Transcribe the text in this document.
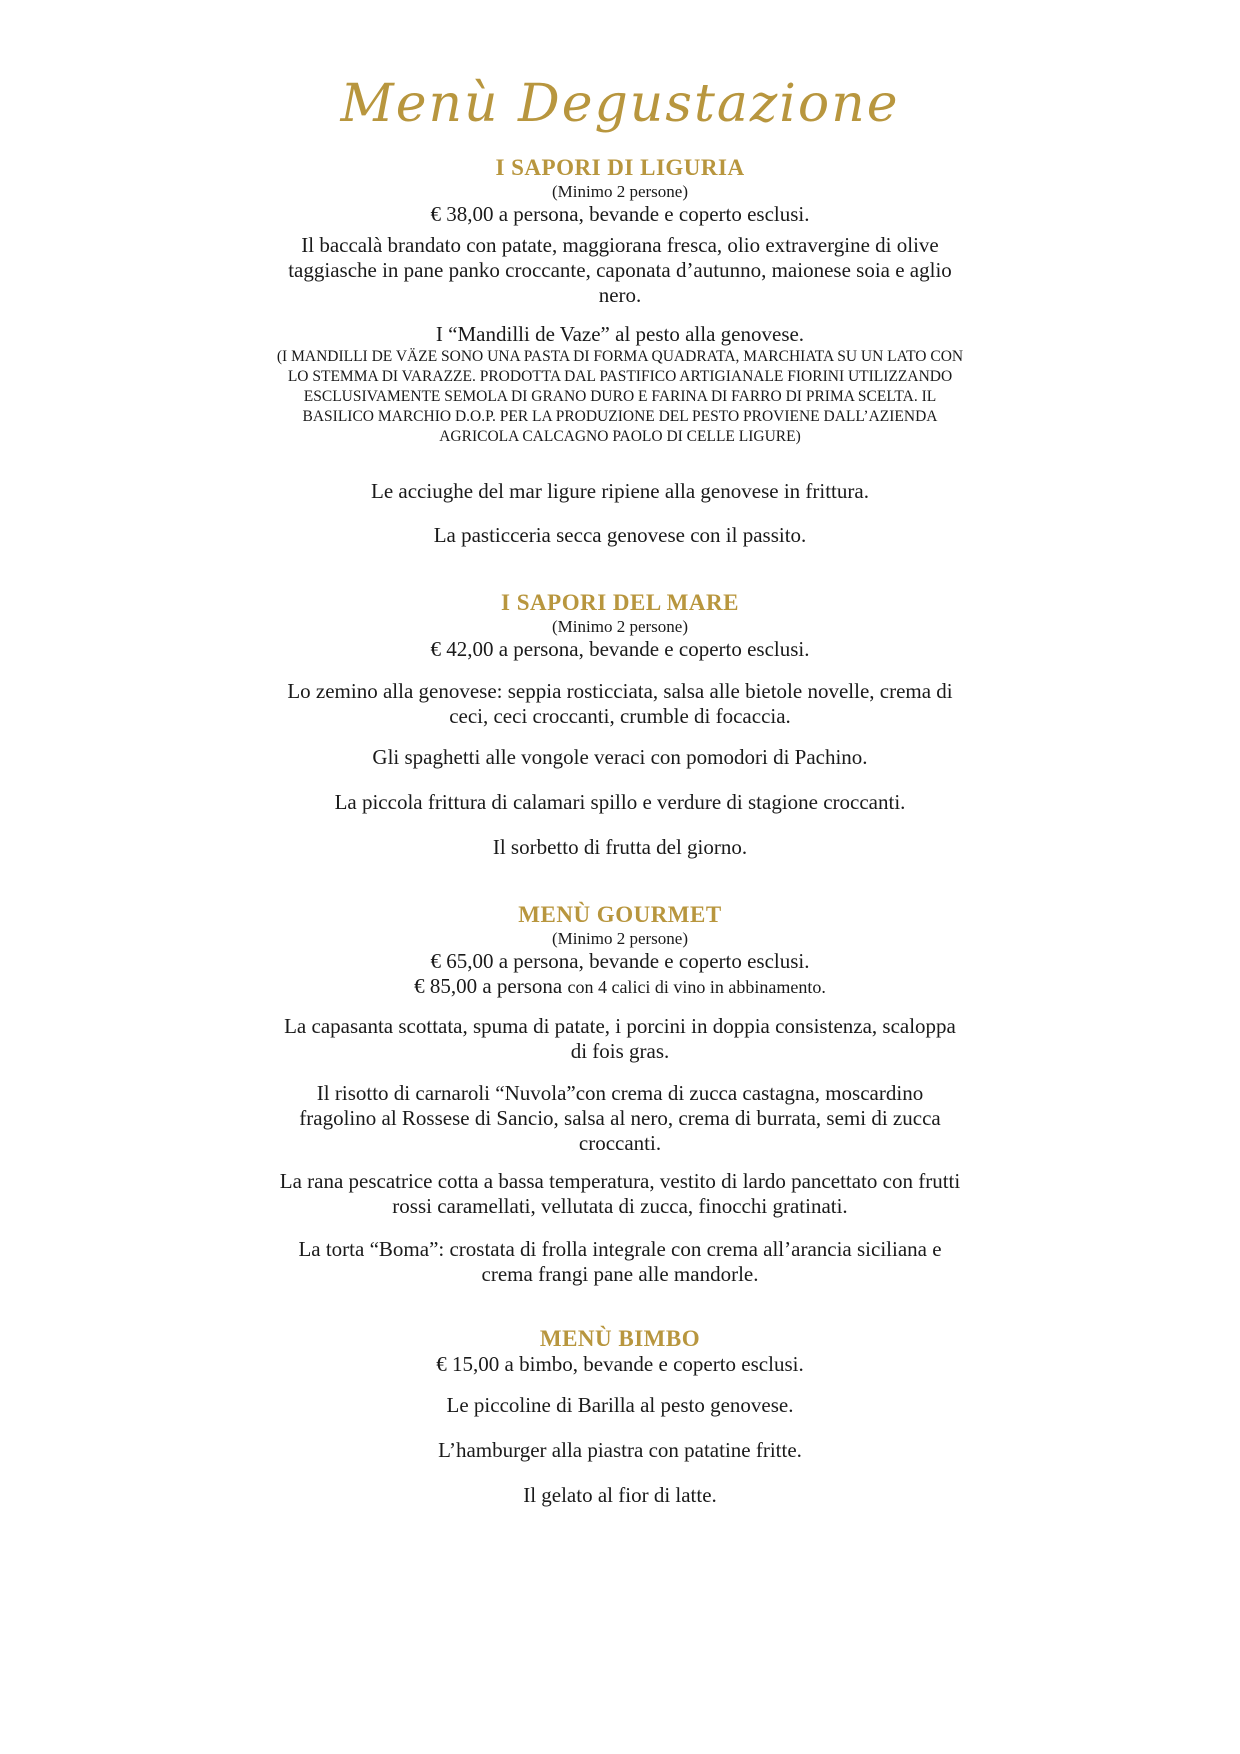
Menù Degustazione
I SAPORI DI LIGURIA
(Minimo 2 persone)
€ 38,00 a persona, bevande e coperto esclusi.
Il baccalà brandato con patate, maggiorana fresca, olio extravergine di olive taggiasche in pane panko croccante, caponata d’autunno, maionese soia e aglio nero.
I “Mandilli de Vaze” al pesto alla genovese.
(I MANDILLI DE VÄZE SONO UNA PASTA DI FORMA QUADRATA, MARCHIATA SU UN LATO CON LO STEMMA DI VARAZZE. PRODOTTA DAL PASTIFICO ARTIGIANALE FIORINI UTILIZZANDO ESCLUSIVAMENTE SEMOLA DI GRANO DURO E FARINA DI FARRO DI PRIMA SCELTA. IL BASILICO MARCHIO D.O.P. PER LA PRODUZIONE DEL PESTO PROVIENE DALL’AZIENDA AGRICOLA CALCAGNO PAOLO DI CELLE LIGURE)
Le acciughe del mar ligure ripiene alla genovese in frittura.
La pasticceria secca genovese con il passito.
I SAPORI DEL MARE
(Minimo 2 persone)
€ 42,00 a persona, bevande e coperto esclusi.
Lo zemino alla genovese: seppia rosticciata, salsa alle bietole novelle, crema di ceci, ceci croccanti, crumble di focaccia.
Gli spaghetti alle vongole veraci con pomodori di Pachino.
La piccola frittura di calamari spillo e verdure di stagione croccanti.
Il sorbetto di frutta del giorno.
MENÙ GOURMET
(Minimo 2 persone)
€ 65,00 a persona, bevande e coperto esclusi.
€ 85,00 a persona con 4 calici di vino in abbinamento.
La capasanta scottata, spuma di patate, i porcini in doppia consistenza, scaloppa di fois gras.
Il risotto di carnaroli “Nuvola”con crema di zucca castagna, moscardino fragolino al Rossese di Sancio, salsa al nero, crema di burrata, semi di zucca croccanti.
La rana pescatrice cotta a bassa temperatura, vestito di lardo pancettato con frutti rossi caramellati, vellutata di zucca, finocchi gratinati.
La torta “Boma”: crostata di frolla integrale con crema all’arancia siciliana e crema frangi pane alle mandorle.
MENÙ BIMBO
€ 15,00 a bimbo, bevande e coperto esclusi.
Le piccoline di Barilla al pesto genovese.
L’hamburger alla piastra con patatine fritte.
Il gelato al fior di latte.
